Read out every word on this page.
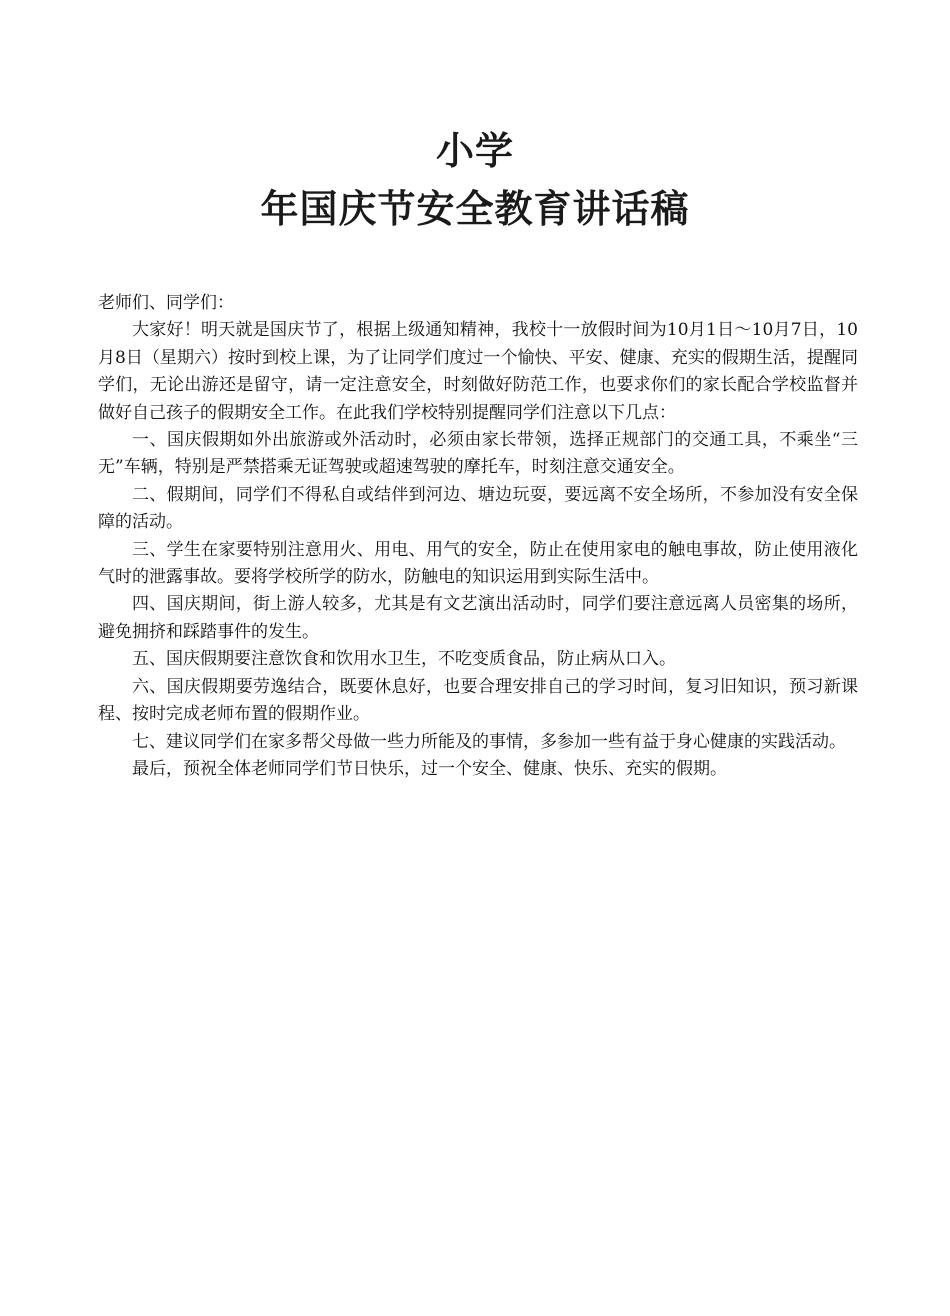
小学
年国庆节安全教育讲话稿

老师们、同学们：

大家好！明天就是国庆节了，根据上级通知精神，我校十一放假时间为10月1日～10月7日，10月8日（星期六）按时到校上课，为了让同学们度过一个愉快、平安、健康、充实的假期生活，提醒同学们，无论出游还是留守，请一定注意安全，时刻做好防范工作，也要求你们的家长配合学校监督并做好自己孩子的假期安全工作。在此我们学校特别提醒同学们注意以下几点：

一、国庆假期如外出旅游或外活动时，必须由家长带领，选择正规部门的交通工具，不乘坐“三无”车辆，特别是严禁搭乘无证驾驶或超速驾驶的摩托车，时刻注意交通安全。

二、假期间，同学们不得私自或结伴到河边、塘边玩耍，要远离不安全场所，不参加没有安全保障的活动。

三、学生在家要特别注意用火、用电、用气的安全，防止在使用家电的触电事故，防止使用液化气时的泄露事故。要将学校所学的防水，防触电的知识运用到实际生活中。

四、国庆期间，街上游人较多，尤其是有文艺演出活动时，同学们要注意远离人员密集的场所，避免拥挤和踩踏事件的发生。

五、国庆假期要注意饮食和饮用水卫生，不吃变质食品，防止病从口入。

六、国庆假期要劳逸结合，既要休息好，也要合理安排自己的学习时间，复习旧知识，预习新课程、按时完成老师布置的假期作业。

七、建议同学们在家多帮父母做一些力所能及的事情，多参加一些有益于身心健康的实践活动。

最后，预祝全体老师同学们节日快乐，过一个安全、健康、快乐、充实的假期。
